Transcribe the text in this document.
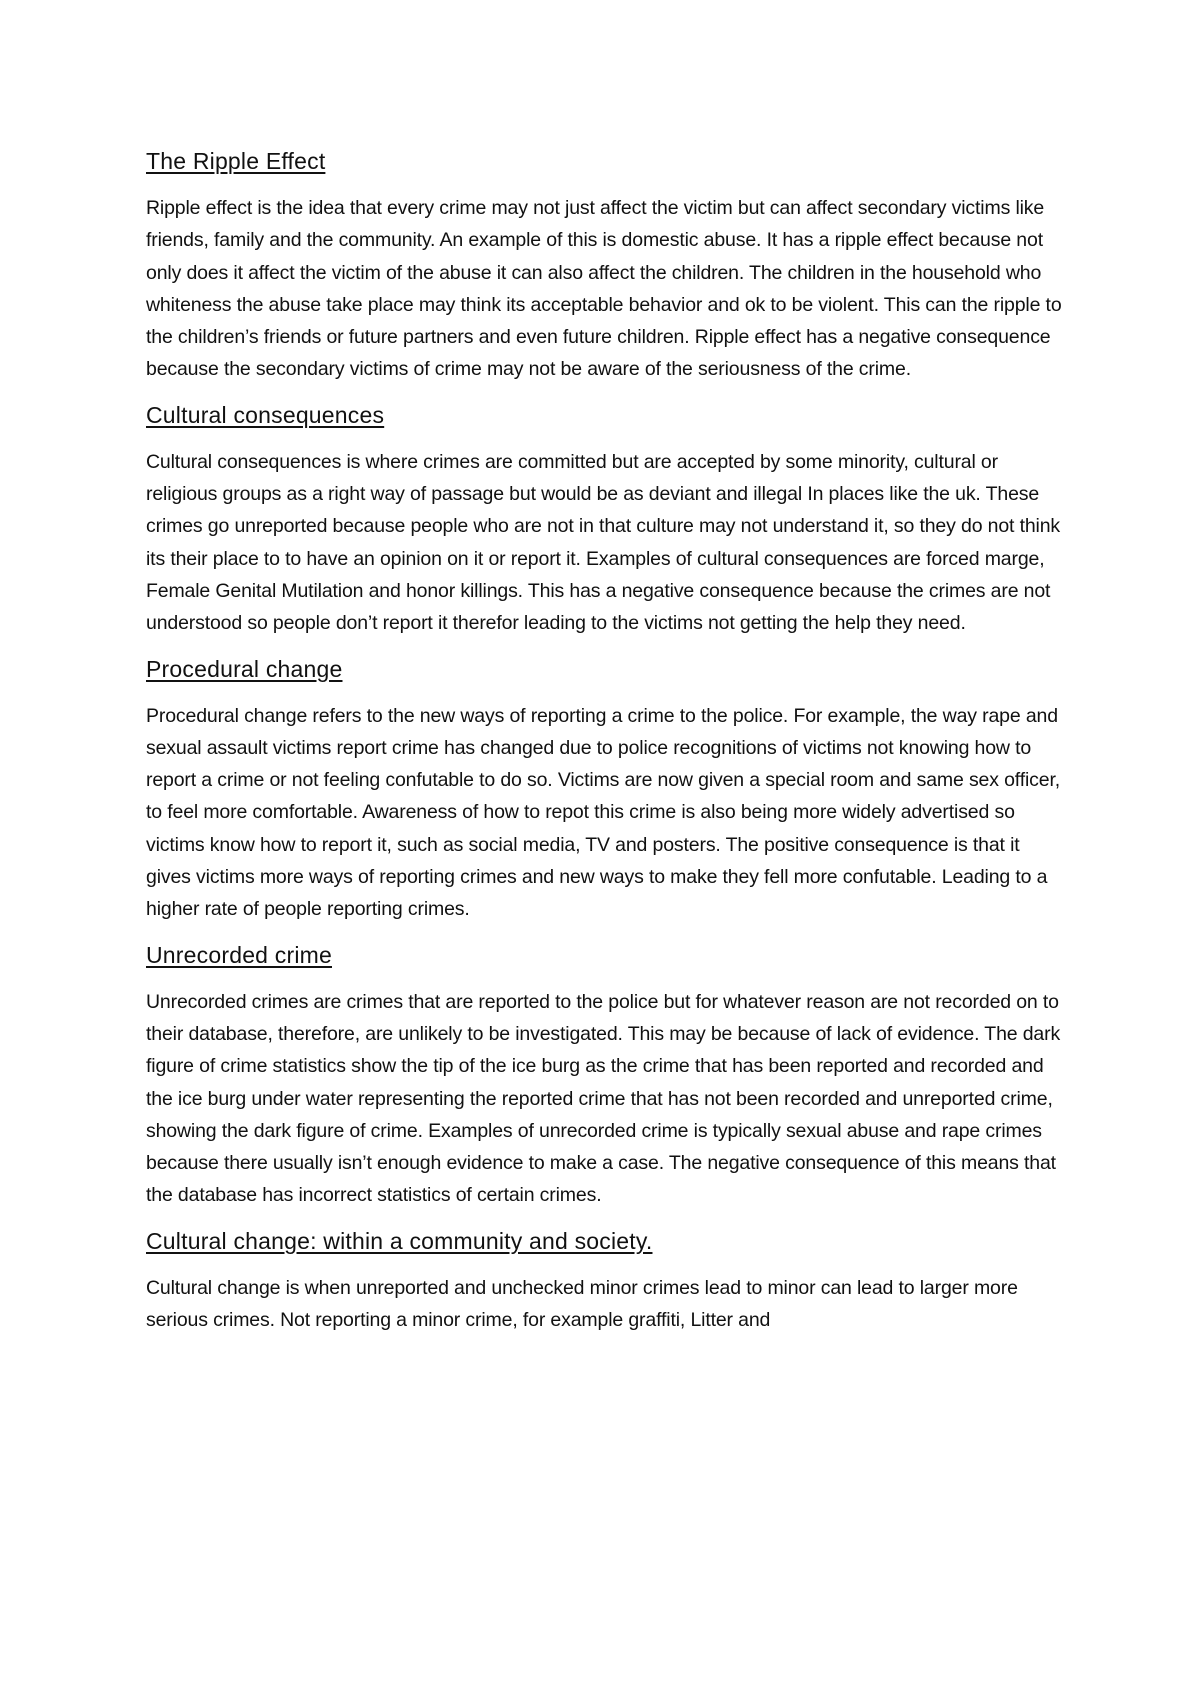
The Ripple Effect

Ripple effect is the idea that every crime may not just affect the victim but can affect secondary victims like friends, family and the community. An example of this is domestic abuse. It has a ripple effect because not only does it affect the victim of the abuse it can also affect the children. The children in the household who whiteness the abuse take place may think its acceptable behavior and ok to be violent. This can the ripple to the children’s friends or future partners and even future children. Ripple effect has a negative consequence because the secondary victims of crime may not be aware of the seriousness of the crime.

Cultural consequences

Cultural consequences is where crimes are committed but are accepted by some minority, cultural or religious groups as a right way of passage but would be as deviant and illegal In places like the uk. These crimes go unreported because people who are not in that culture may not understand it, so they do not think its their place to to have an opinion on it or report it. Examples of cultural consequences are forced marge, Female Genital Mutilation and honor killings. This has a negative consequence because the crimes are not understood so people don’t report it therefor leading to the victims not getting the help they need.

Procedural change

Procedural change refers to the new ways of reporting a crime to the police. For example, the way rape and sexual assault victims report crime has changed due to police recognitions of victims not knowing how to report a crime or not feeling confutable to do so. Victims are now given a special room and same sex officer, to feel more comfortable. Awareness of how to repot this crime is also being more widely advertised so victims know how to report it, such as social media, TV and posters. The positive consequence is that it gives victims more ways of reporting crimes and new ways to make they fell more confutable. Leading to a higher rate of people reporting crimes.

Unrecorded crime

Unrecorded crimes are crimes that are reported to the police but for whatever reason are not recorded on to their database, therefore, are unlikely to be investigated. This may be because of lack of evidence. The dark figure of crime statistics show the tip of the ice burg as the crime that has been reported and recorded and the ice burg under water representing the reported crime that has not been recorded and unreported crime, showing the dark figure of crime. Examples of unrecorded crime is typically sexual abuse and rape crimes because there usually isn’t enough evidence to make a case. The negative consequence of this means that the database has incorrect statistics of certain crimes.

Cultural change: within a community and society.

Cultural change is when unreported and unchecked minor crimes lead to minor can lead to larger more serious crimes. Not reporting a minor crime, for example graffiti, Litter and
